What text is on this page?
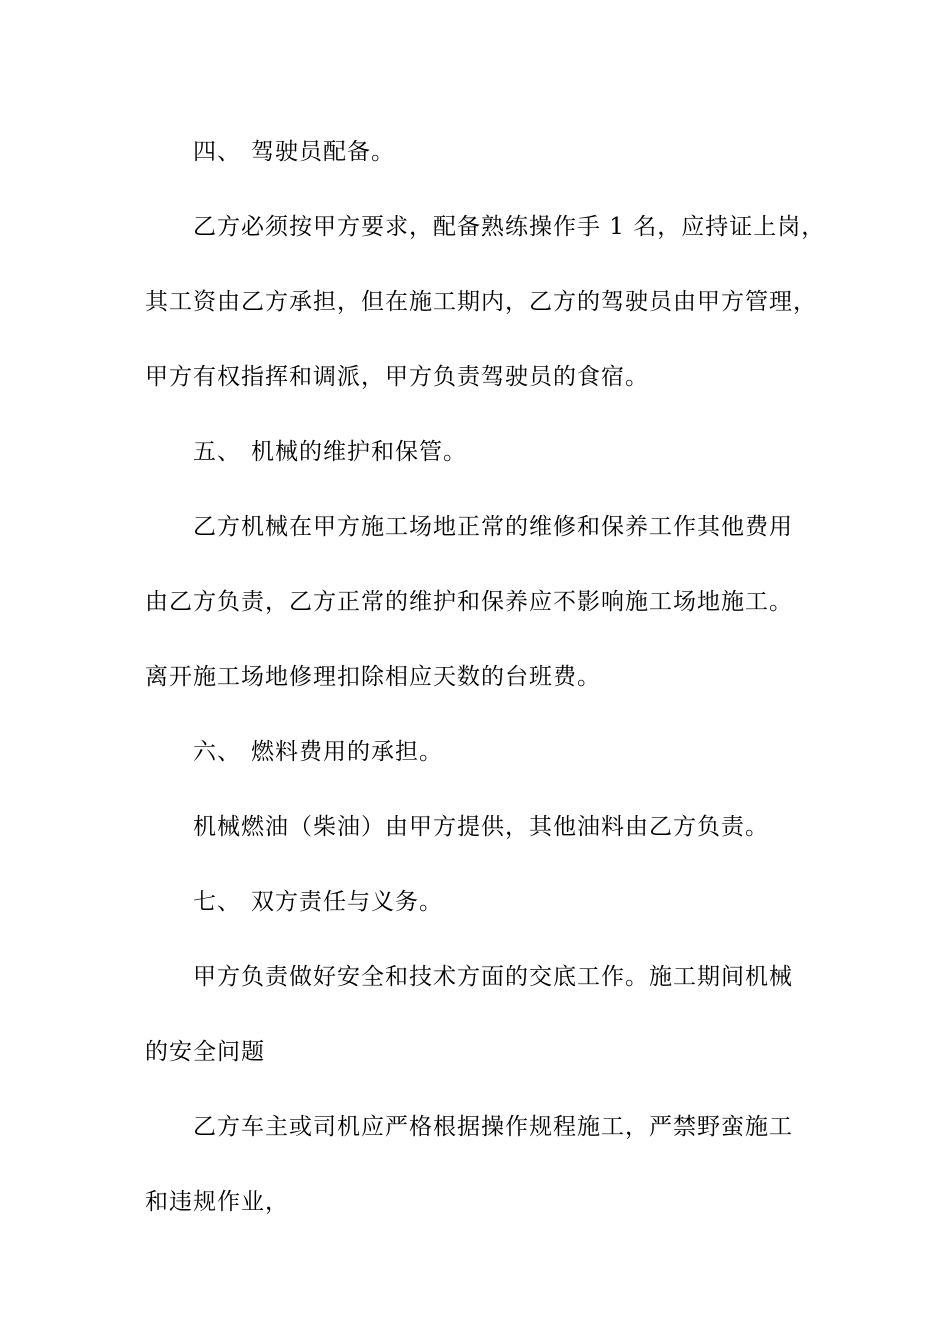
四、 驾驶员配备。
乙方必须按甲方要求，配备熟练操作手 1 名，应持证上岗，
其工资由乙方承担，但在施工期内，乙方的驾驶员由甲方管理，
甲方有权指挥和调派，甲方负责驾驶员的食宿。
五、 机械的维护和保管。
乙方机械在甲方施工场地正常的维修和保养工作其他费用
由乙方负责，乙方正常的维护和保养应不影响施工场地施工。
离开施工场地修理扣除相应天数的台班费。
六、 燃料费用的承担。
机械燃油（柴油）由甲方提供，其他油料由乙方负责。
七、 双方责任与义务。
甲方负责做好安全和技术方面的交底工作。施工期间机械
的安全问题
乙方车主或司机应严格根据操作规程施工，严禁野蛮施工
和违规作业，
